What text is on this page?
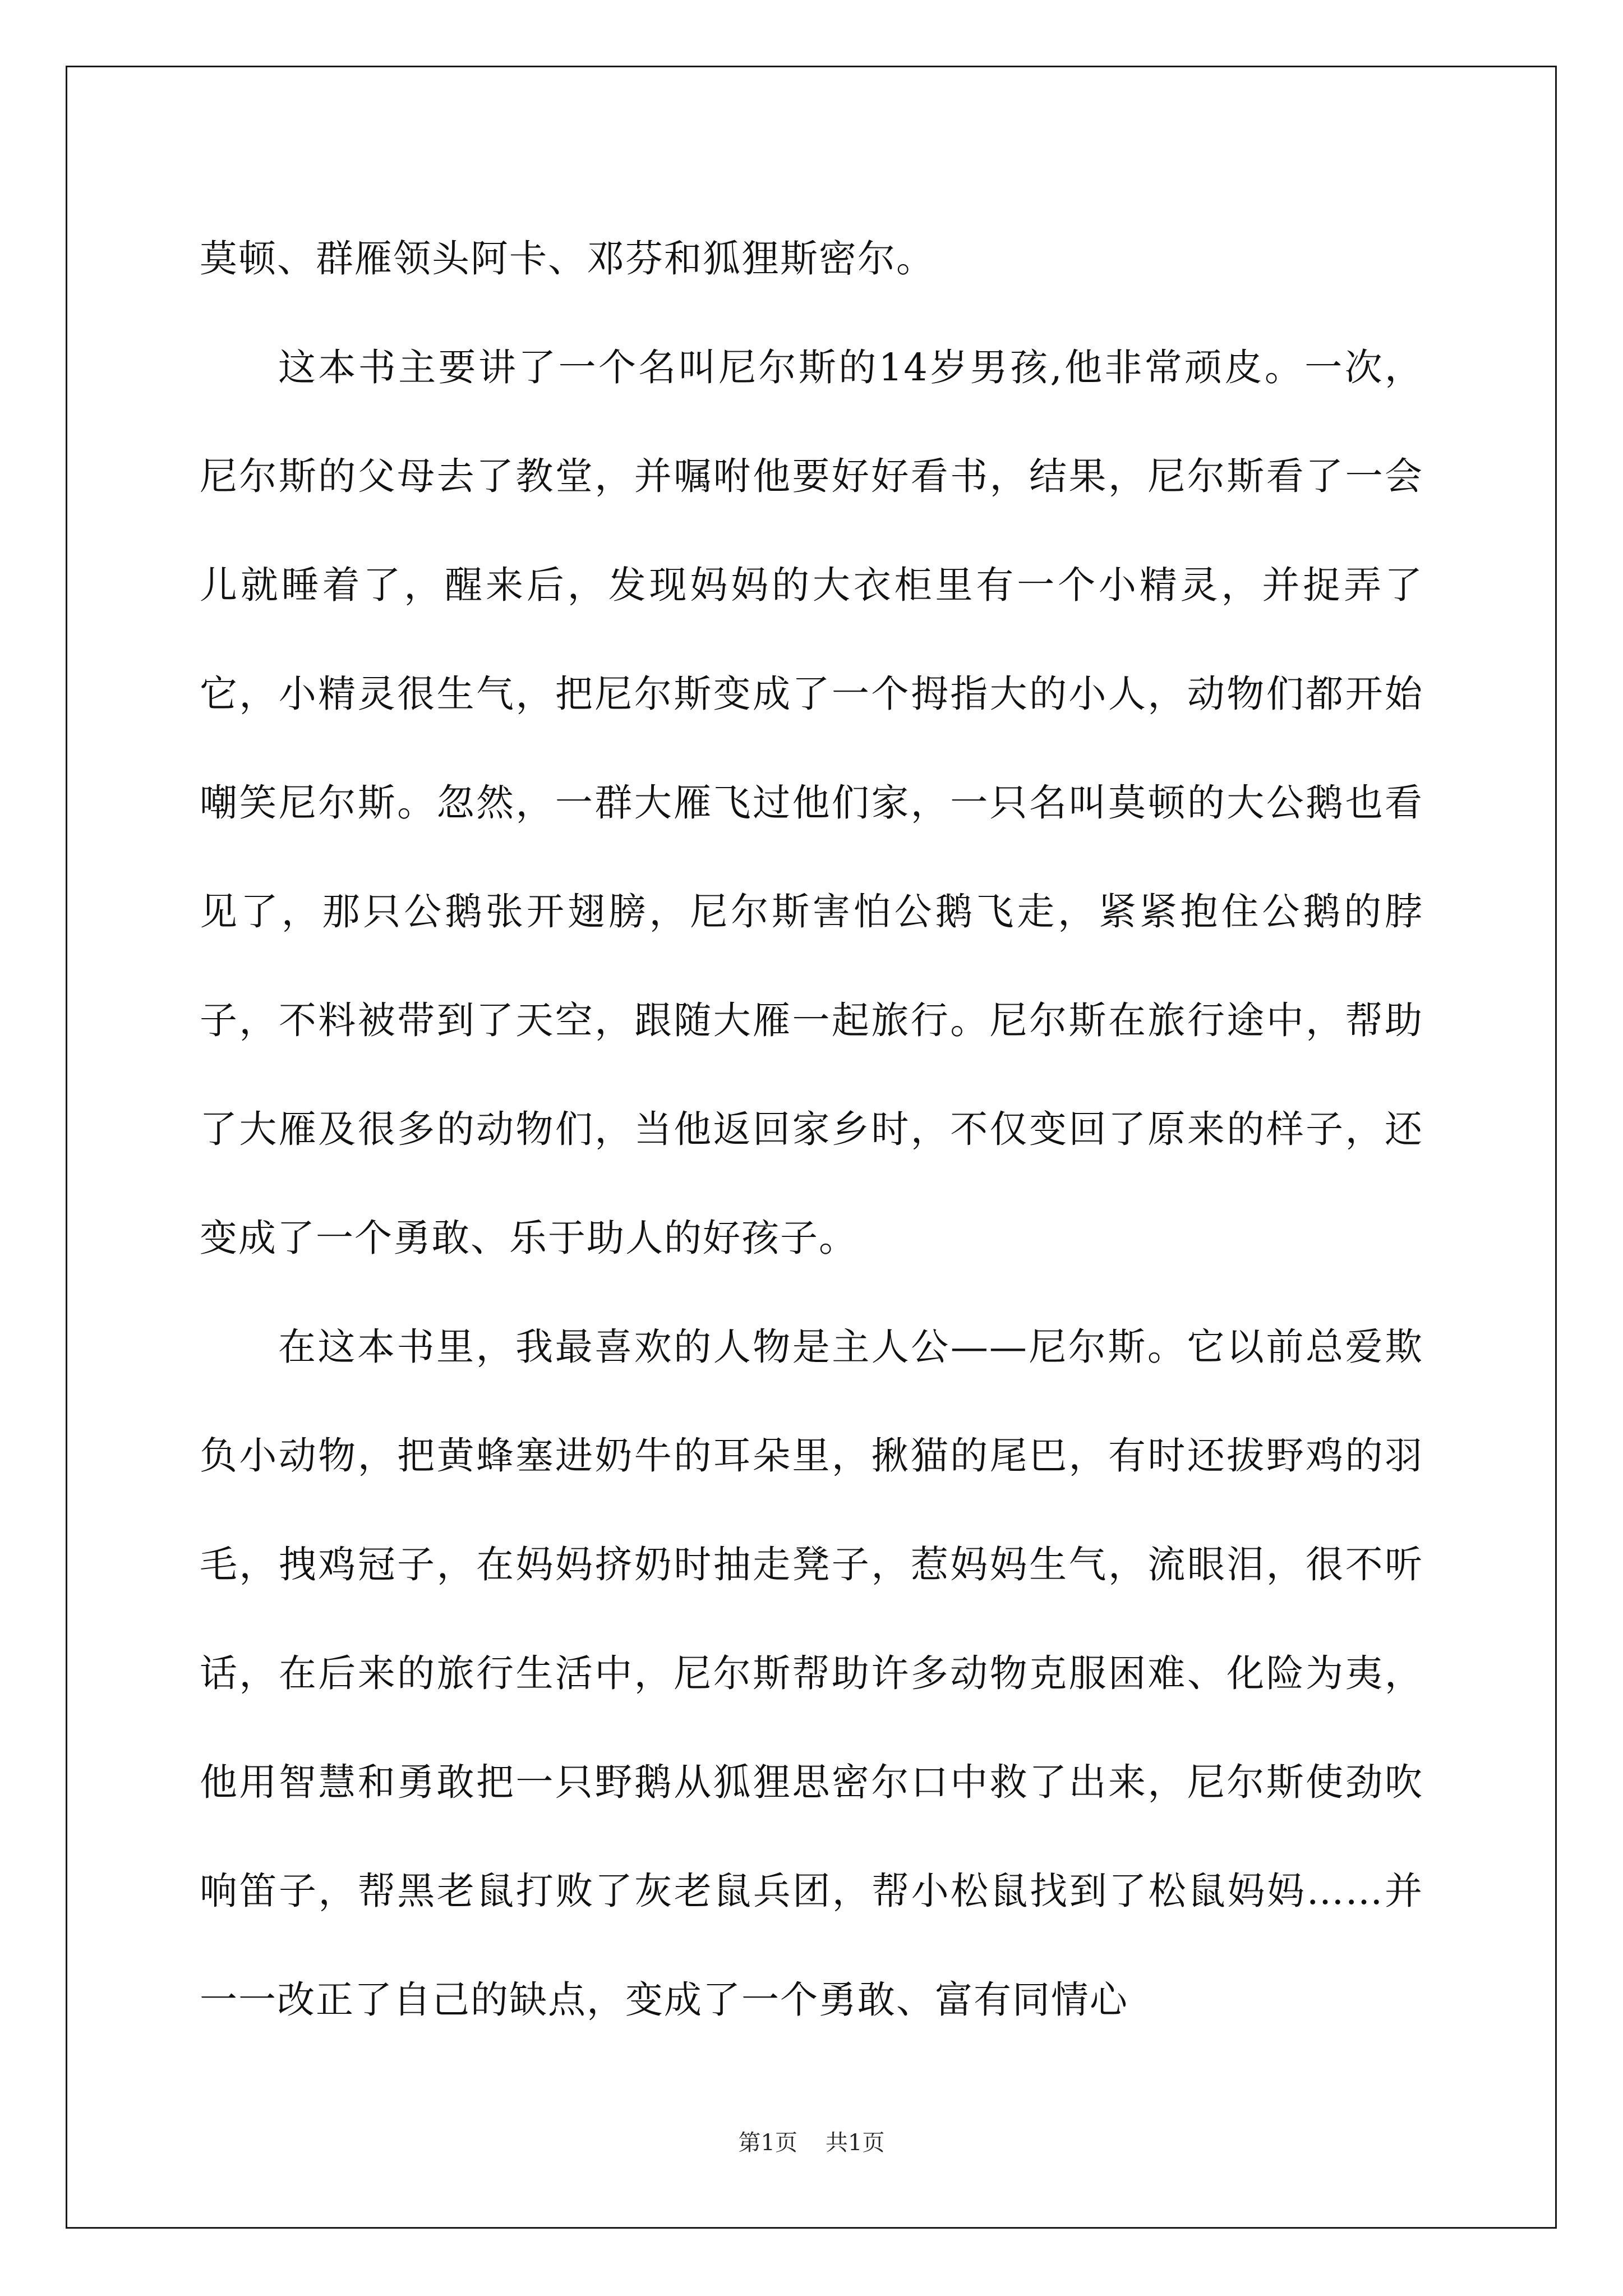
莫顿、群雁领头阿卡、邓芬和狐狸斯密尔。

这本书主要讲了一个名叫尼尔斯的14岁男孩,他非常顽皮。一次，尼尔斯的父母去了教堂，并嘱咐他要好好看书，结果，尼尔斯看了一会儿就睡着了，醒来后，发现妈妈的大衣柜里有一个小精灵，并捉弄了它，小精灵很生气，把尼尔斯变成了一个拇指大的小人，动物们都开始嘲笑尼尔斯。忽然，一群大雁飞过他们家，一只名叫莫顿的大公鹅也看见了，那只公鹅张开翅膀，尼尔斯害怕公鹅飞走，紧紧抱住公鹅的脖子，不料被带到了天空，跟随大雁一起旅行。尼尔斯在旅行途中，帮助了大雁及很多的动物们，当他返回家乡时，不仅变回了原来的样子，还变成了一个勇敢、乐于助人的好孩子。

在这本书里，我最喜欢的人物是主人公——尼尔斯。它以前总爱欺负小动物，把黄蜂塞进奶牛的耳朵里，揪猫的尾巴，有时还拔野鸡的羽毛，拽鸡冠子，在妈妈挤奶时抽走凳子，惹妈妈生气，流眼泪，很不听话，在后来的旅行生活中，尼尔斯帮助许多动物克服困难、化险为夷，他用智慧和勇敢把一只野鹅从狐狸思密尔口中救了出来，尼尔斯使劲吹响笛子，帮黑老鼠打败了灰老鼠兵团，帮小松鼠找到了松鼠妈妈……并一一改正了自己的缺点，变成了一个勇敢、富有同情心

第1页 共1页
